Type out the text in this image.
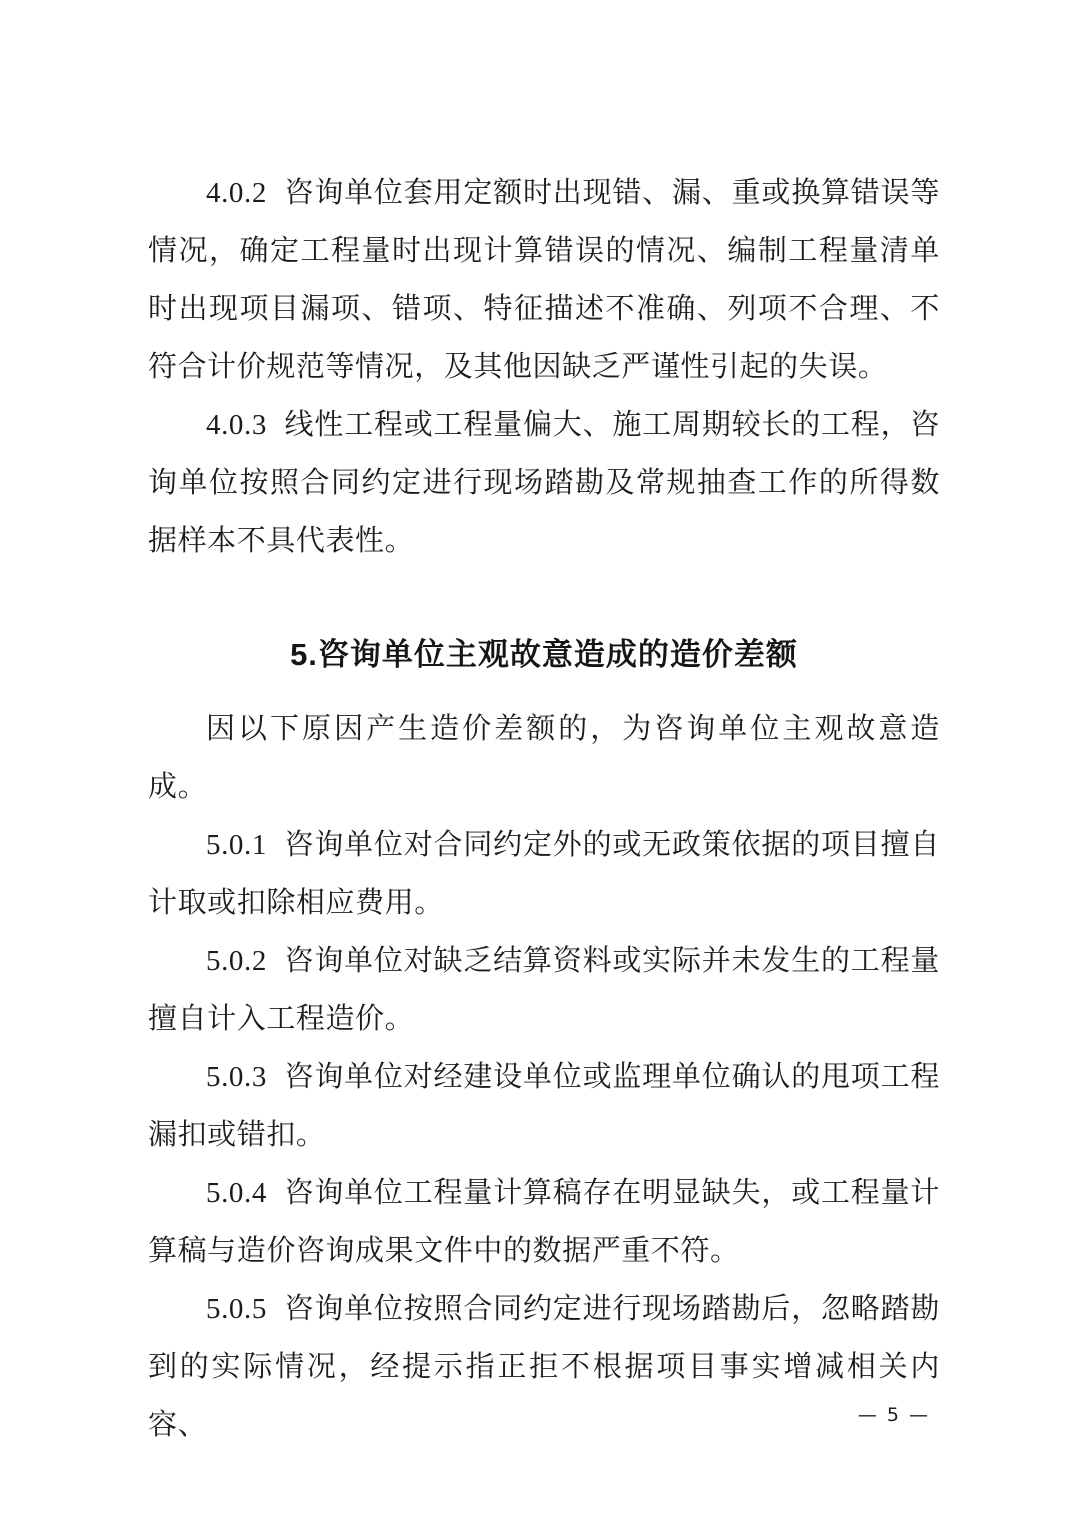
4.0.2 咨询单位套用定额时出现错、漏、重或换算错误等情况，确定工程量时出现计算错误的情况、编制工程量清单时出现项目漏项、错项、特征描述不准确、列项不合理、不符合计价规范等情况，及其他因缺乏严谨性引起的失误。

4.0.3 线性工程或工程量偏大、施工周期较长的工程，咨询单位按照合同约定进行现场踏勘及常规抽查工作的所得数据样本不具代表性。

5.咨询单位主观故意造成的造价差额

因以下原因产生造价差额的，为咨询单位主观故意造成。

5.0.1 咨询单位对合同约定外的或无政策依据的项目擅自计取或扣除相应费用。

5.0.2 咨询单位对缺乏结算资料或实际并未发生的工程量擅自计入工程造价。

5.0.3 咨询单位对经建设单位或监理单位确认的甩项工程漏扣或错扣。

5.0.4 咨询单位工程量计算稿存在明显缺失，或工程量计算稿与造价咨询成果文件中的数据严重不符。

5.0.5 咨询单位按照合同约定进行现场踏勘后，忽略踏勘到的实际情况，经提示指正拒不根据项目事实增减相关内容、	— 5 —
